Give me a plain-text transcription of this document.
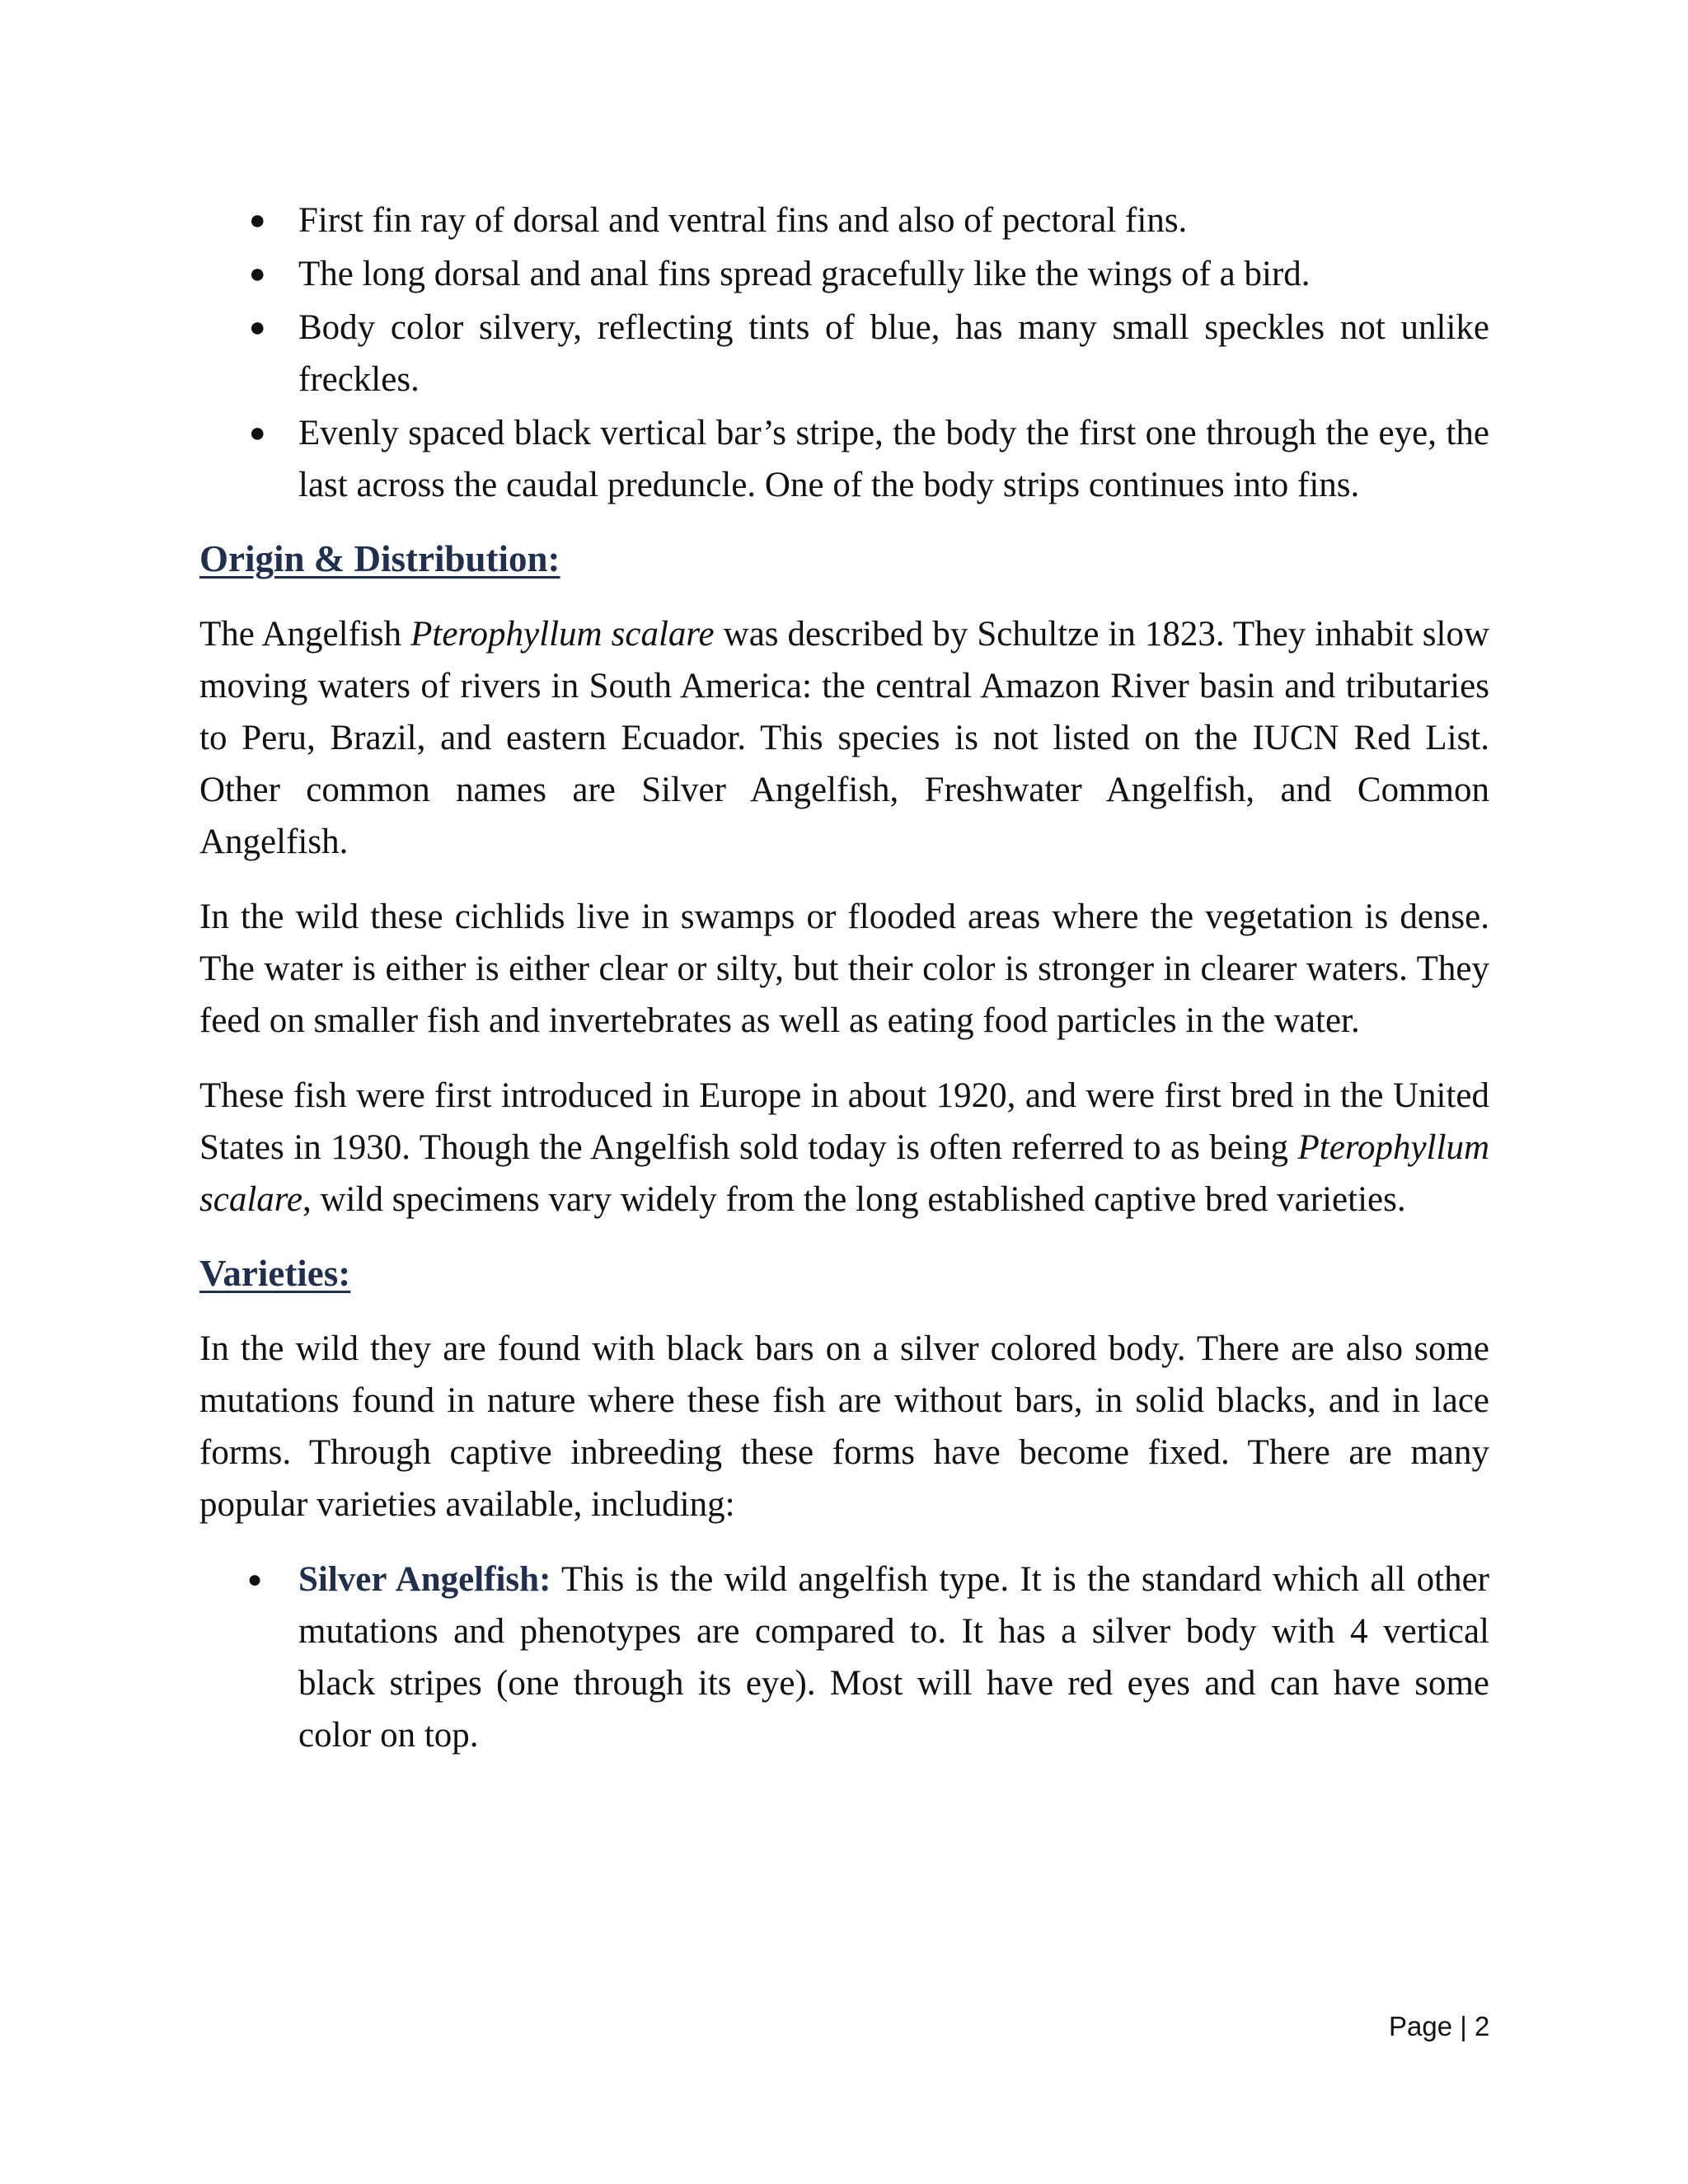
● First fin ray of dorsal and ventral fins and also of pectoral fins.
● The long dorsal and anal fins spread gracefully like the wings of a bird.
● Body color silvery, reflecting tints of blue, has many small speckles not unlike freckles.
● Evenly spaced black vertical bar’s stripe, the body the first one through the eye, the last across the caudal preduncle. One of the body strips continues into fins.
Origin & Distribution:

The Angelfish Pterophyllum scalare was described by Schultze in 1823. They inhabit slow moving waters of rivers in South America: the central Amazon River basin and tributaries to Peru, Brazil, and eastern Ecuador. This species is not listed on the IUCN Red List. Other common names are Silver Angelfish, Freshwater Angelfish, and Common Angelfish.

In the wild these cichlids live in swamps or flooded areas where the vegetation is dense. The water is either is either clear or silty, but their color is stronger in clearer waters. They feed on smaller fish and invertebrates as well as eating food particles in the water.

These fish were first introduced in Europe in about 1920, and were first bred in the United States in 1930. Though the Angelfish sold today is often referred to as being Pterophyllum scalare, wild specimens vary widely from the long established captive bred varieties.

Varieties:

In the wild they are found with black bars on a silver colored body. There are also some mutations found in nature where these fish are without bars, in solid blacks, and in lace forms. Through captive inbreeding these forms have become fixed. There are many popular varieties available, including:

●	Silver Angelfish: This is the wild angelfish type. It is the standard which all other mutations and phenotypes are compared to. It has a silver body with 4 vertical black stripes (one through its eye). Most will have red eyes and can have some color on top.
Page | 2
